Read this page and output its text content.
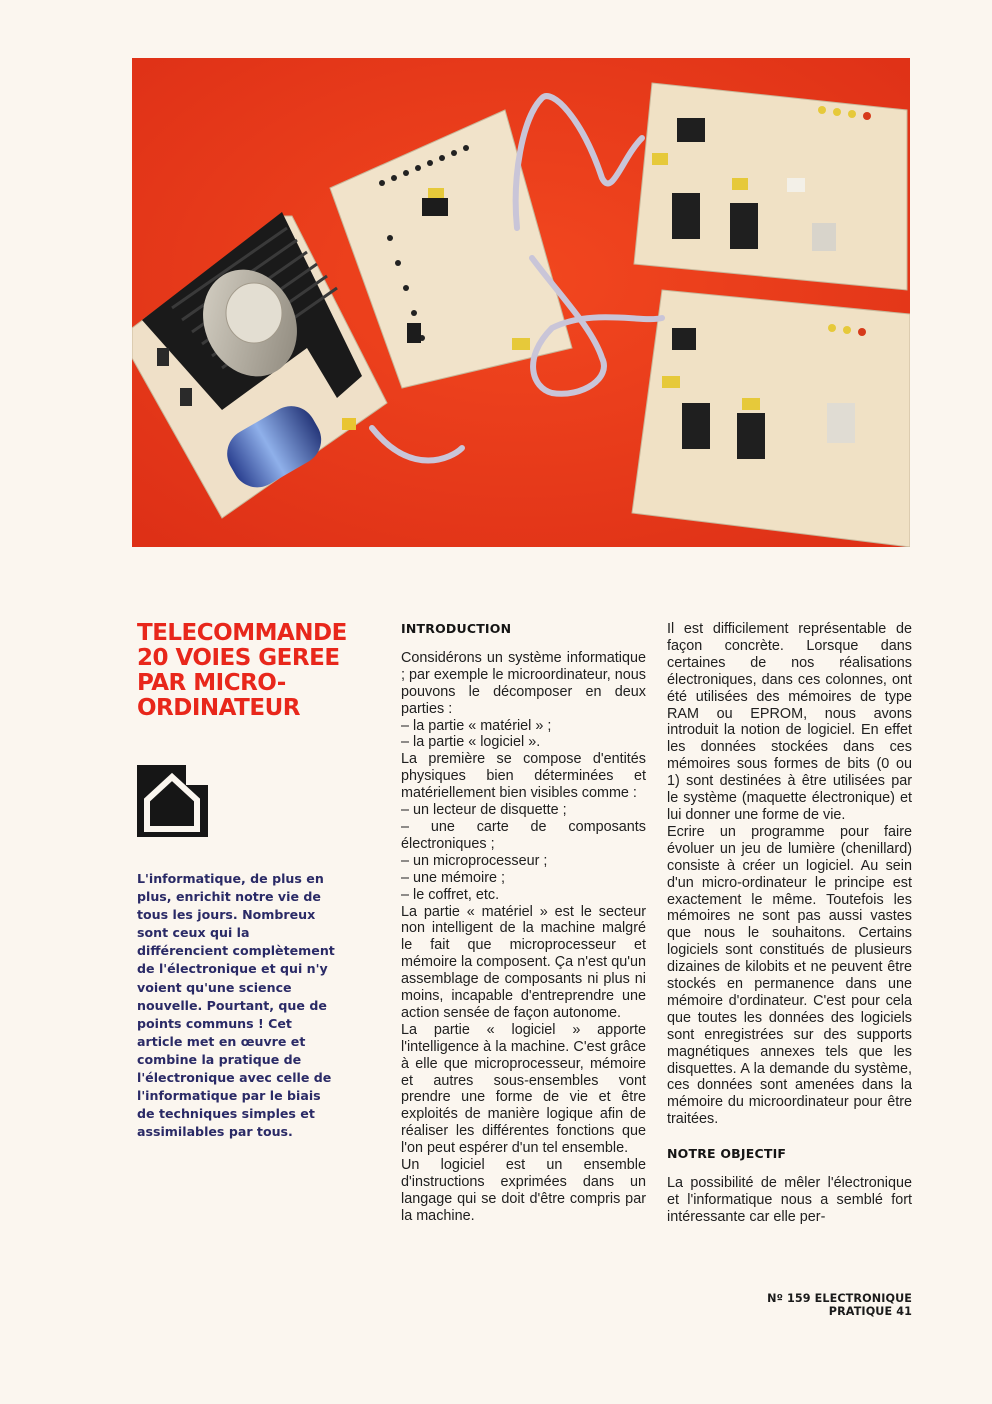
TELECOMMANDE 20 VOIES GEREE PAR MICRO-ORDINATEUR

L'informatique, de plus en plus, enrichit notre vie de tous les jours. Nombreux sont ceux qui la différencient complètement de l'électronique et qui n'y voient qu'une science nouvelle. Pourtant, que de points communs ! Cet article met en œuvre et combine la pratique de l'électronique avec celle de l'informatique par le biais de techniques simples et assimilables par tous.

INTRODUCTION

Considérons un système informatique ; par exemple le microordinateur, nous pouvons le décomposer en deux parties :

– la partie « matériel » ;

– la partie « logiciel ».

La première se compose d'entités physiques bien déterminées et matériellement bien visibles comme :

– un lecteur de disquette ;

– une carte de composants électroniques ;

– un microprocesseur ;

– une mémoire ;

– le coffret, etc.

La partie « matériel » est le secteur non intelligent de la machine malgré le fait que microprocesseur et mémoire la composent. Ça n'est qu'un assemblage de composants ni plus ni moins, incapable d'entreprendre une action sensée de façon autonome.

La partie « logiciel » apporte l'intelligence à la machine. C'est grâce à elle que microprocesseur, mémoire et autres sous-ensembles vont prendre une forme de vie et être exploités de manière logique afin de réaliser les différentes fonctions que l'on peut espérer d'un tel ensemble.

Un logiciel est un ensemble d'instructions exprimées dans un langage qui se doit d'être compris par la machine.

Il est difficilement représentable de façon concrète. Lorsque dans certaines de nos réalisations électroniques, dans ces colonnes, ont été utilisées des mémoires de type RAM ou EPROM, nous avons introduit la notion de logiciel. En effet les données stockées dans ces mémoires sous formes de bits (0 ou 1) sont destinées à être utilisées par le système (maquette électronique) et lui donner une forme de vie.

Ecrire un programme pour faire évoluer un jeu de lumière (chenillard) consiste à créer un logiciel. Au sein d'un micro-ordinateur le principe est exactement le même. Toutefois les mémoires ne sont pas aussi vastes que nous le souhaitons. Certains logiciels sont constitués de plusieurs dizaines de kilobits et ne peuvent être stockés en permanence dans une mémoire d'ordinateur. C'est pour cela que toutes les données des logiciels sont enregistrées sur des supports magnétiques annexes tels que les disquettes. A la demande du système, ces données sont amenées dans la mémoire du microordinateur pour être traitées.

NOTRE OBJECTIF

La possibilité de mêler l'électronique et l'informatique nous a semblé fort intéressante car elle per-

Nº 159 ELECTRONIQUE PRATIQUE 41
